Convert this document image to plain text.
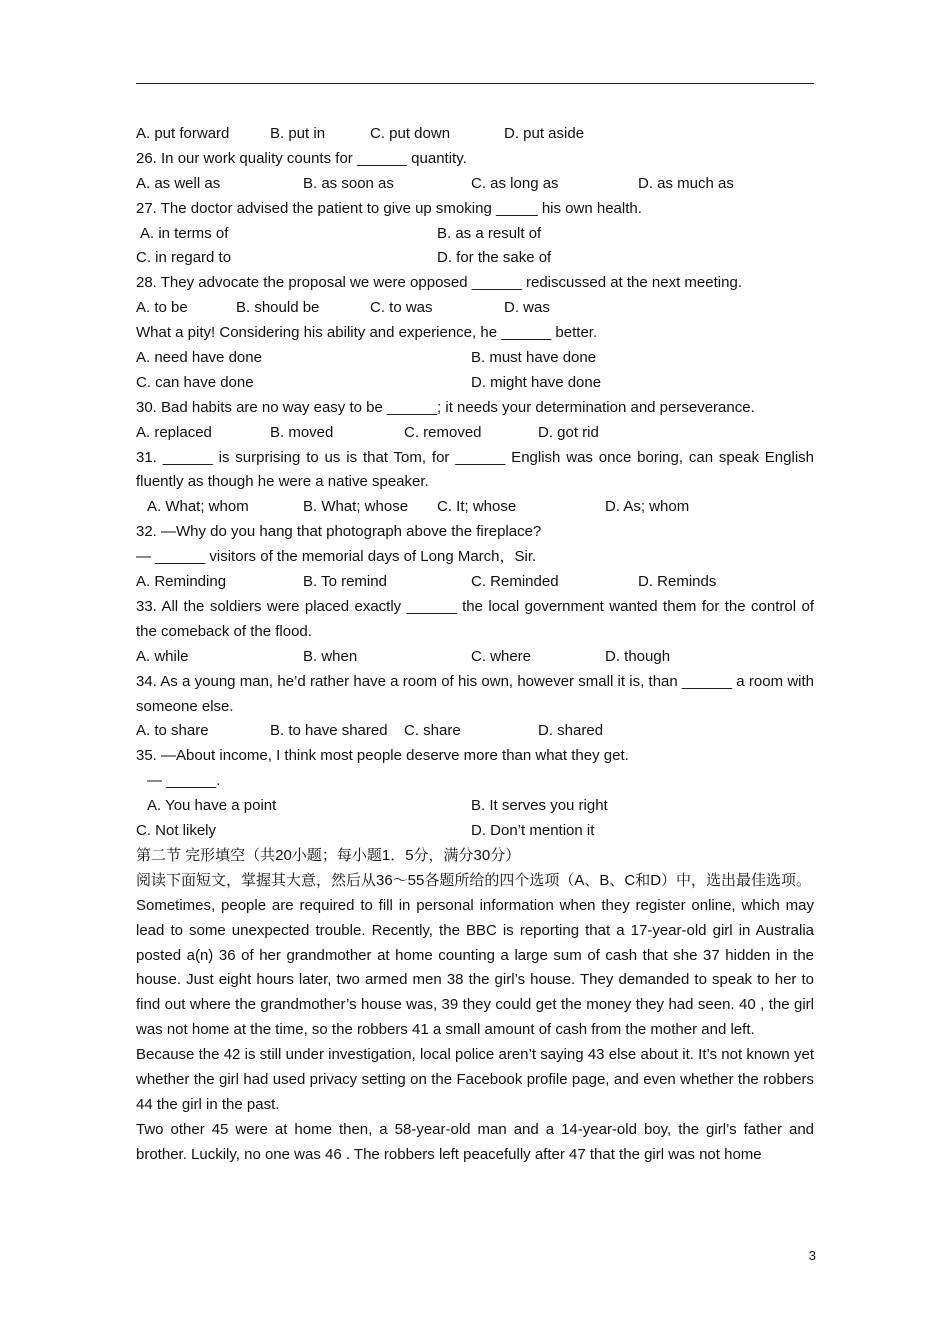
A. put forward	B. put in	C. put down	D. put aside
26. In our work quality counts for ______ quantity.
A. as well as	B. as soon as	C. as long as	D. as much as
27. The doctor advised the patient to give up smoking _____ his own health.
A. in terms of	B. as a result of
C. in regard to	D. for the sake of
28. They advocate the proposal we were opposed ______ rediscussed at the next meeting.
A. to be	B. should be	C. to was	D. was
What a pity! Considering his ability and experience, he ______ better.
A. need have done	B. must have done
C. can have done	D. might have done
30. Bad habits are no way easy to be ______; it needs your determination and perseverance.
A. replaced	B. moved	C. removed	D. got rid
31. ______ is surprising to us is that Tom, for ______ English was once boring, can speak English fluently as though he were a native speaker.
A. What; whom	B. What; whose	C. It; whose	D. As; whom
32. —Why do you hang that photograph above the fireplace?
— ______ visitors of the memorial days of Long March，Sir.
A. Reminding	B. To remind	C. Reminded	D. Reminds
33. All the soldiers were placed exactly ______ the local government wanted them for the control of the comeback of the flood.
A. while	B. when	C. where	D. though
34. As a young man, he’d rather have a room of his own, however small it is, than ______ a room with someone else.
A. to share	B. to have shared	C. share	D. shared
35. —About income, I think most people deserve more than what they get.
— ______.
A. You have a point	B. It serves you right
C. Not likely	D. Don’t mention it
第二节 完形填空（共20小题；每小题1．5分，满分30分）
阅读下面短文，掌握其大意，然后从36～55各题所给的四个选项（A、B、C和D）中，选出最佳选项。
Sometimes, people are required to fill in personal information when they register online, which may lead to some unexpected trouble. Recently, the BBC is reporting that a 17-year-old girl in Australia posted a(n) 36 of her grandmother at home counting a large sum of cash that she 37 hidden in the house. Just eight hours later, two armed men 38 the girl’s house. They demanded to speak to her to find out where the grandmother’s house was, 39 they could get the money they had seen. 40 , the girl was not home at the time, so the robbers 41 a small amount of cash from the mother and left.
Because the 42 is still under investigation, local police aren’t saying 43 else about it. It’s not known yet whether the girl had used privacy setting on the Facebook profile page, and even whether the robbers 44 the girl in the past.
Two other 45 were at home then, a 58-year-old man and a 14-year-old boy, the girl’s father and brother. Luckily, no one was 46 . The robbers left peacefully after 47 that the girl was not home
3
